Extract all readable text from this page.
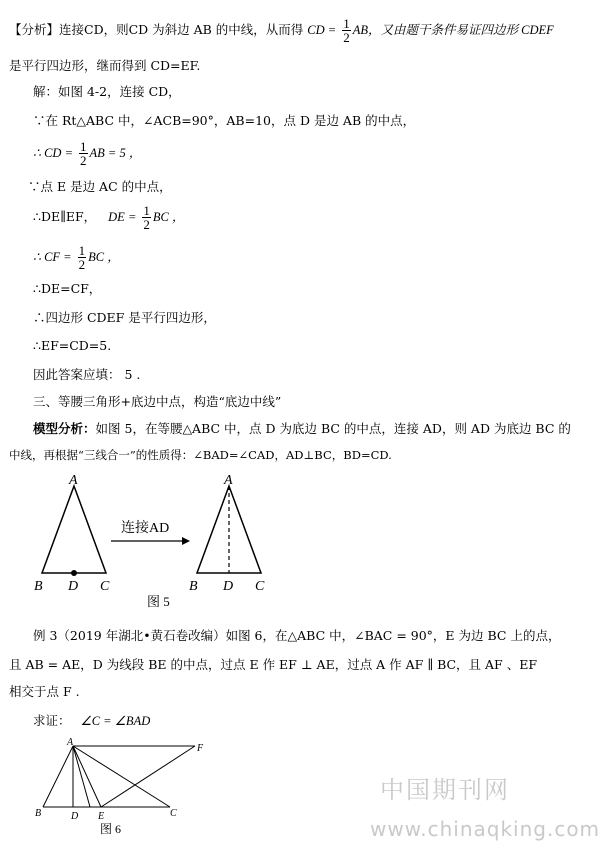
【分析】连接CD，则CD 为斜边 AB 的中线，从而得 CD = $\frac{1}{2}$ AB，又由题干条件易证四边形 CDEF
是平行四边形，继而得到 CD=EF.
解：如图 4-2，连接 CD，
∵在 Rt△ABC 中，∠ACB=90°，AB=10，点 D 是边 AB 的中点，
∴ CD = $\frac{1}{2}$ AB = 5 ，
∵点 E 是边 AC 的中点，
∴DE∥EF， DE = $\frac{1}{2}$ BC ，
∴ CF = $\frac{1}{2}$ BC ，
∴DE=CF，
∴四边形 CDEF 是平行四边形，
∴EF=CD=5.
因此答案应填： 5 .
三、等腰三角形+底边中点，构造“底边中线”
模型分析：如图 5，在等腰△ABC 中，点 D 为底边 BC 的中点，连接 AD，则 AD 为底边 BC 的
中线，再根据“三线合一”的性质得：∠BAD=∠CAD，AD⊥BC，BD=CD.
A
B D C
连接AD
A
B D C
图 5
例 3（2019 年湖北•黄石卷改编）如图 6，在△ABC 中，∠BAC = 90°，E 为边 BC 上的点，
且 AB = AE，D 为线段 BE 的中点，过点 E 作 EF ⊥ AE，过点 A 作 AF ∥ BC，且 AF 、EF
相交于点 F .
求证： ∠C = ∠BAD
A
F
B	D E	C
图 6
中国期刊网
www.chinaqking.com
